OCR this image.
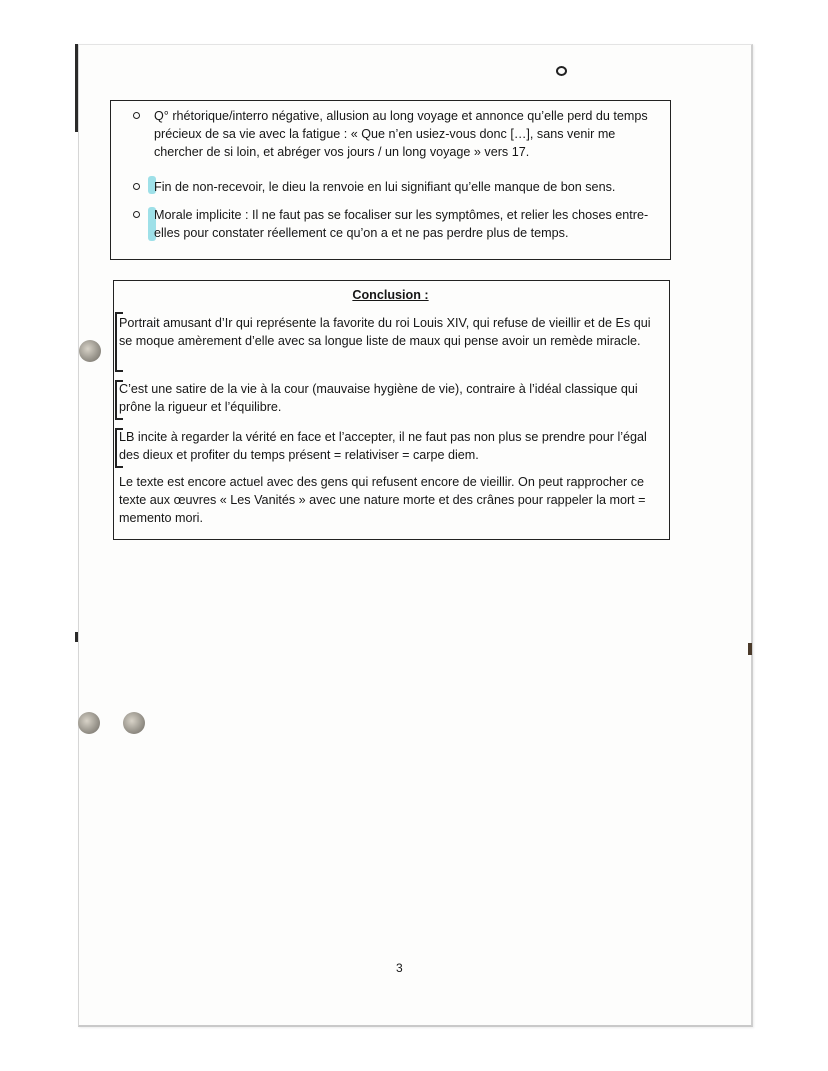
Q° rhétorique/interro négative, allusion au long voyage et annonce qu’elle perd du temps précieux de sa vie avec la fatigue : « Que n’en usiez-vous donc […], sans venir me chercher de si loin, et abréger vos jours / un long voyage » vers 17.
Fin de non-recevoir, le dieu la renvoie en lui signifiant qu’elle manque de bon sens.
Morale implicite : Il ne faut pas se focaliser sur les symptômes, et relier les choses entre-elles pour constater réellement ce qu’on a et ne pas perdre plus de temps.
Conclusion :
Portrait amusant d’Ir qui représente la favorite du roi Louis XIV, qui refuse de vieillir et de Es qui se moque amèrement d’elle avec sa longue liste de maux qui pense avoir un remède miracle.
C’est une satire de la vie à la cour (mauvaise hygiène de vie), contraire à l’idéal classique qui prône la rigueur et l’équilibre.
LB incite à regarder la vérité en face et l’accepter, il ne faut pas non plus se prendre pour l’égal des dieux et profiter du temps présent = relativiser = carpe diem.
Le texte est encore actuel avec des gens qui refusent encore de vieillir. On peut rapprocher ce texte aux œuvres « Les Vanités » avec une nature morte et des crânes pour rappeler la mort = memento mori.
3
